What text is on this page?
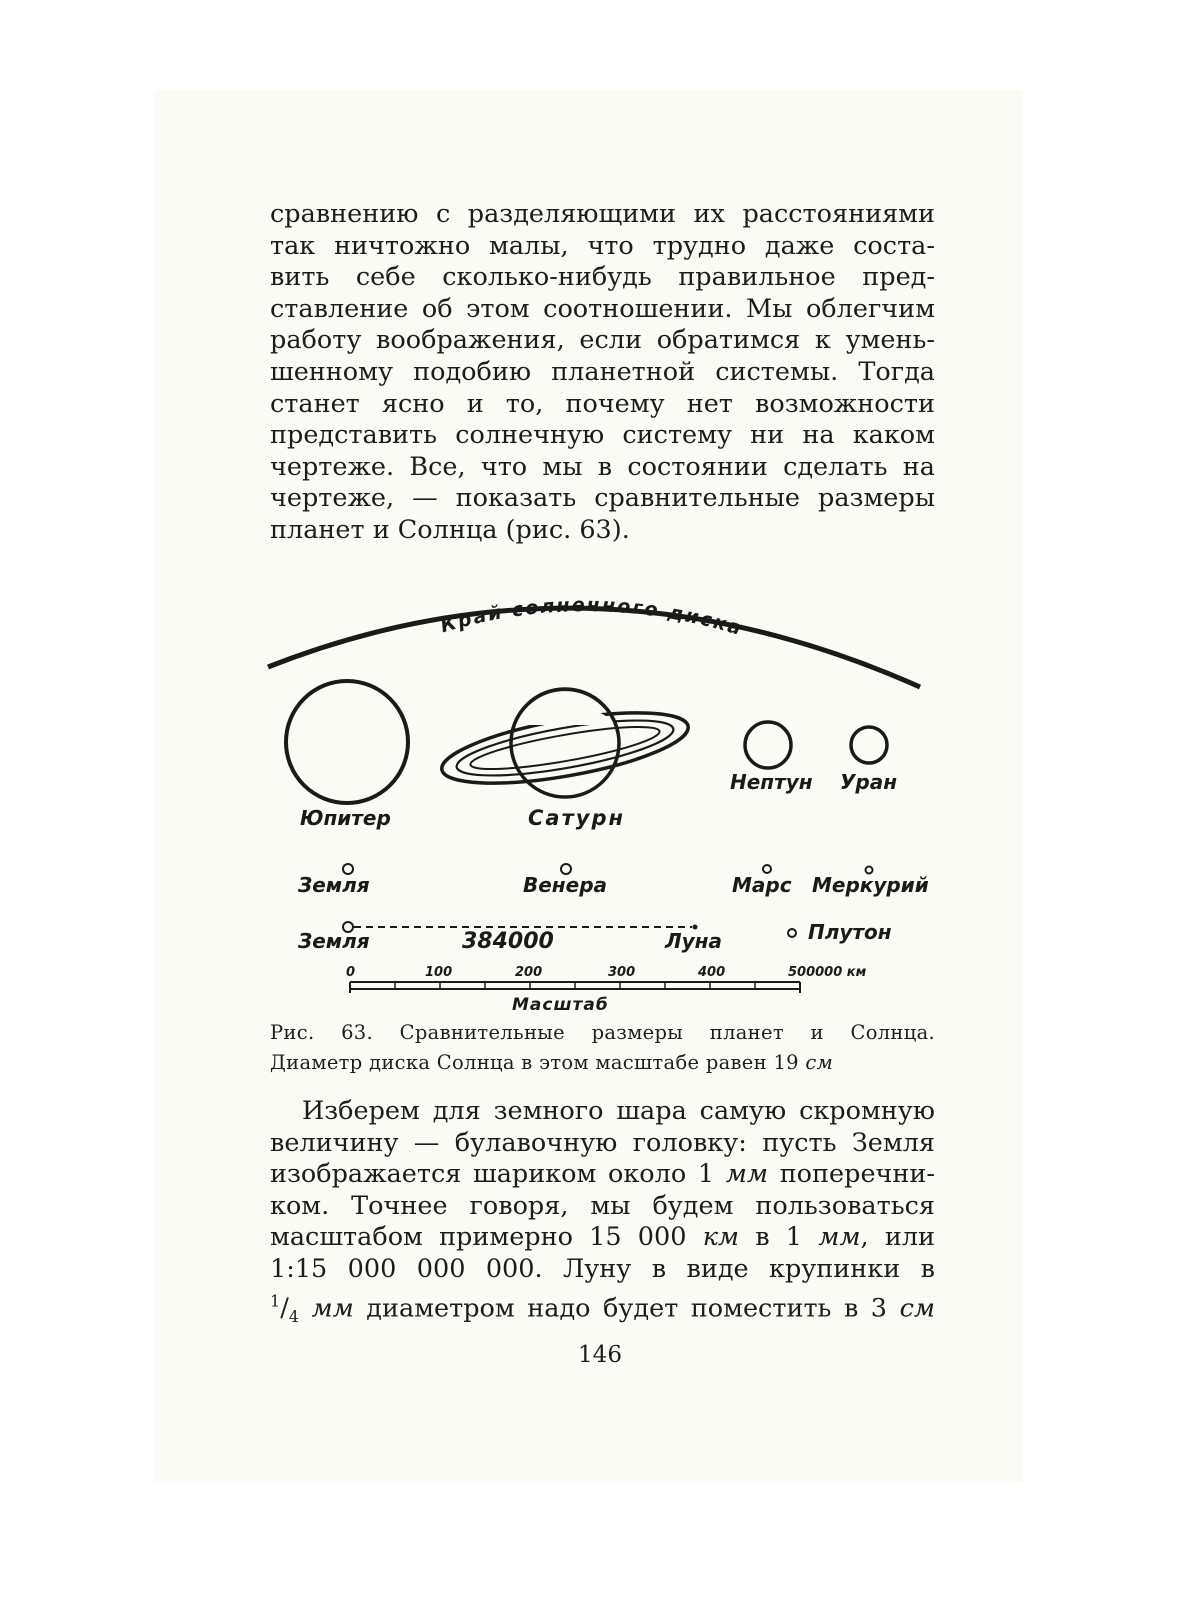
сравнению с разделяющими их расстояниями
так ничтожно малы, что трудно даже соста-
вить себе сколько-нибудь правильное пред-
ставление об этом соотношении. Мы облегчим
работу воображения, если обратимся к умень-
шенному подобию планетной системы. Тогда
станет ясно и то, почему нет возможности
представить солнечную систему ни на каком
чертеже. Все, что мы в состоянии сделать на
чертеже, — показать сравнительные размеры
планет и Солнца (рис. 63).
Край солнечного диска
Юпитер	Сатурн
Нептун Уран
Земля	Венера	Марс Меркурий
Земля	384000	Луна	Плутон
0	100	200	300	400	500000 км
Масштаб
Рис. 63. Сравнительные размеры планет и Солнца.
Диаметр диска Солнца в этом масштабе равен 19 см
Изберем для земного шара самую скромную
величину — булавочную головку: пусть Земля
изображается шариком около 1 мм поперечни-
ком. Точнее говоря, мы будем пользоваться
масштабом примерно 15 000 км в 1 мм, или
1:15 000 000 000. Луну в виде крупинки в
$^1/_4$ мм диаметром надо будет поместить в 3 см
146
